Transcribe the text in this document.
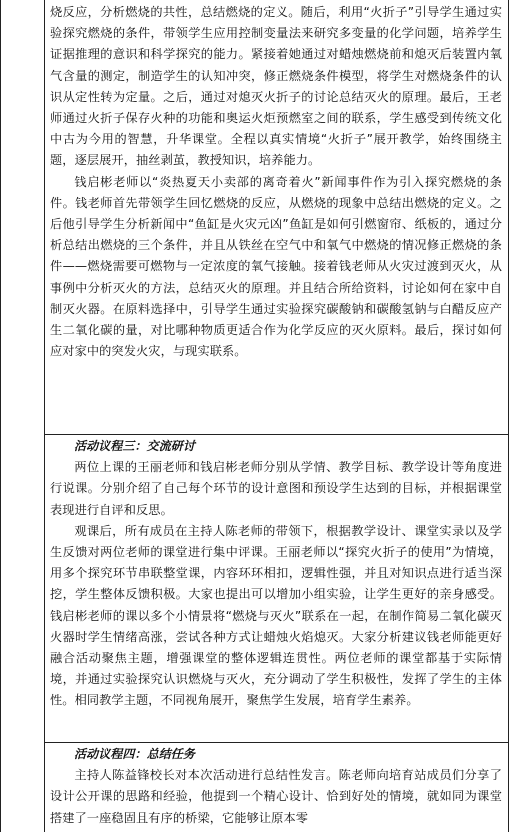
烧反应，分析燃烧的共性，总结燃烧的定义。随后，利用“火折子”引导学生通过实验探究燃烧的条件，带领学生应用控制变量法来研究多变量的化学问题，培养学生证据推理的意识和科学探究的能力。紧接着她通过对蜡烛燃烧前和熄灭后装置内氧气含量的测定，制造学生的认知冲突，修正燃烧条件模型，将学生对燃烧条件的认识从定性转为定量。之后，通过对熄灭火折子的讨论总结灭火的原理。最后，王老师通过火折子保存火种的功能和奥运火炬预燃室之间的联系，学生感受到传统文化中古为今用的智慧，升华课堂。全程以真实情境“火折子”展开教学，始终围绕主题，逐层展开，抽丝剥茧，教授知识，培养能力。

钱启彬老师以“炎热夏天小卖部的离奇着火”新闻事件作为引入探究燃烧的条件。钱老师首先带领学生回忆燃烧的反应，从燃烧的现象中总结出燃烧的定义。之后他引导学生分析新闻中“鱼缸是火灾元凶”鱼缸是如何引燃窗帘、纸板的，通过分析总结出燃烧的三个条件，并且从铁丝在空气中和氧气中燃烧的情况修正燃烧的条件——燃烧需要可燃物与一定浓度的氧气接触。接着钱老师从火灾过渡到灭火，从事例中分析灭火的方法，总结灭火的原理。并且结合所给资料，讨论如何在家中自制灭火器。在原料选择中，引导学生通过实验探究碳酸钠和碳酸氢钠与白醋反应产生二氧化碳的量，对比哪种物质更适合作为化学反应的灭火原料。最后，探讨如何应对家中的突发火灾，与现实联系。

活动议程三：交流研讨

两位上课的王丽老师和钱启彬老师分别从学情、教学目标、教学设计等角度进行说课。分别介绍了自己每个环节的设计意图和预设学生达到的目标，并根据课堂表现进行自评和反思。

观课后，所有成员在主持人陈老师的带领下，根据教学设计、课堂实录以及学生反馈对两位老师的课堂进行集中评课。王丽老师以“探究火折子的使用”为情境，用多个探究环节串联整堂课，内容环环相扣，逻辑性强，并且对知识点进行适当深挖，学生整体反馈积极。大家也提出可以增加小组实验，让学生更好的亲身感受。钱启彬老师的课以多个小情景将“燃烧与灭火”联系在一起，在制作简易二氧化碳灭火器时学生情绪高涨，尝试各种方式让蜡烛火焰熄灭。大家分析建议钱老师能更好融合活动聚焦主题，增强课堂的整体逻辑连贯性。两位老师的课堂都基于实际情境，并通过实验探究认识燃烧与灭火，充分调动了学生积极性，发挥了学生的主体性。相同教学主题，不同视角展开，聚焦学生发展，培育学生素养。

活动议程四：总结任务

主持人陈益锋校长对本次活动进行总结性发言。陈老师向培育站成员们分享了设计公开课的思路和经验，他提到一个精心设计、恰到好处的情境，就如同为课堂搭建了一座稳固且有序的桥梁，它能够让原本零
